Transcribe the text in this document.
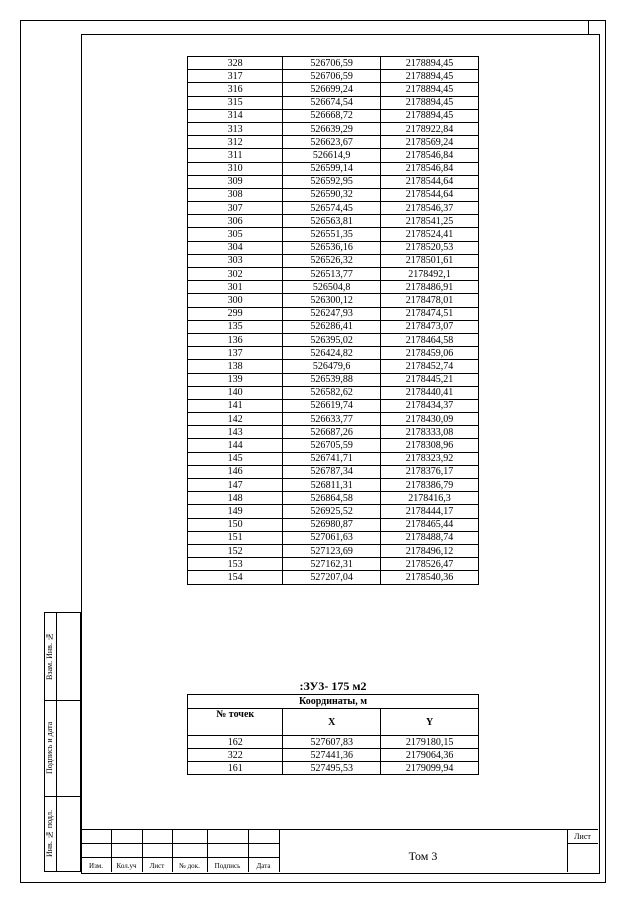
328	526706,59	2178894,45
317	526706,59	2178894,45
316	526699,24	2178894,45
315	526674,54	2178894,45
314	526668,72	2178894,45
313	526639,29	2178922,84
312	526623,67	2178569,24
311	526614,9	2178546,84
310	526599,14	2178546,84
309	526592,95	2178544,64
308	526590,32	2178544,64
307	526574,45	2178546,37
306	526563,81	2178541,25
305	526551,35	2178524,41
304	526536,16	2178520,53
303	526526,32	2178501,61
302	526513,77	2178492,1
301	526504,8	2178486,91
300	526300,12	2178478,01
299	526247,93	2178474,51
135	526286,41	2178473,07
136	526395,02	2178464,58
137	526424,82	2178459,06
138	526479,6	2178452,74
139	526539,88	2178445,21
140	526582,62	2178440,41
141	526619,74	2178434,37
142	526633,77	2178430,09
143	526687,26	2178333,08
144	526705,59	2178308,96
145	526741,71	2178323,92
146	526787,34	2178376,17
147	526811,31	2178386,79
148	526864,58	2178416,3
149	526925,52	2178444,17
150	526980,87	2178465,44
151	527061,63	2178488,74
152	527123,69	2178496,12
153	527162,31	2178526,47
154	527207,04	2178540,36
:ЗУ3- 175 м2
Координаты, м		
№ точек	X	Y
162	527607,83	2179180,15
322	527441,36	2179064,36
161	527495,53	2179099,94
Взам. Инв. №
Подпись и дата
Инв. № подл.
Изм.	Кол.уч	Лист	№ док.	Подпись	Дата
Том 3
Лист
